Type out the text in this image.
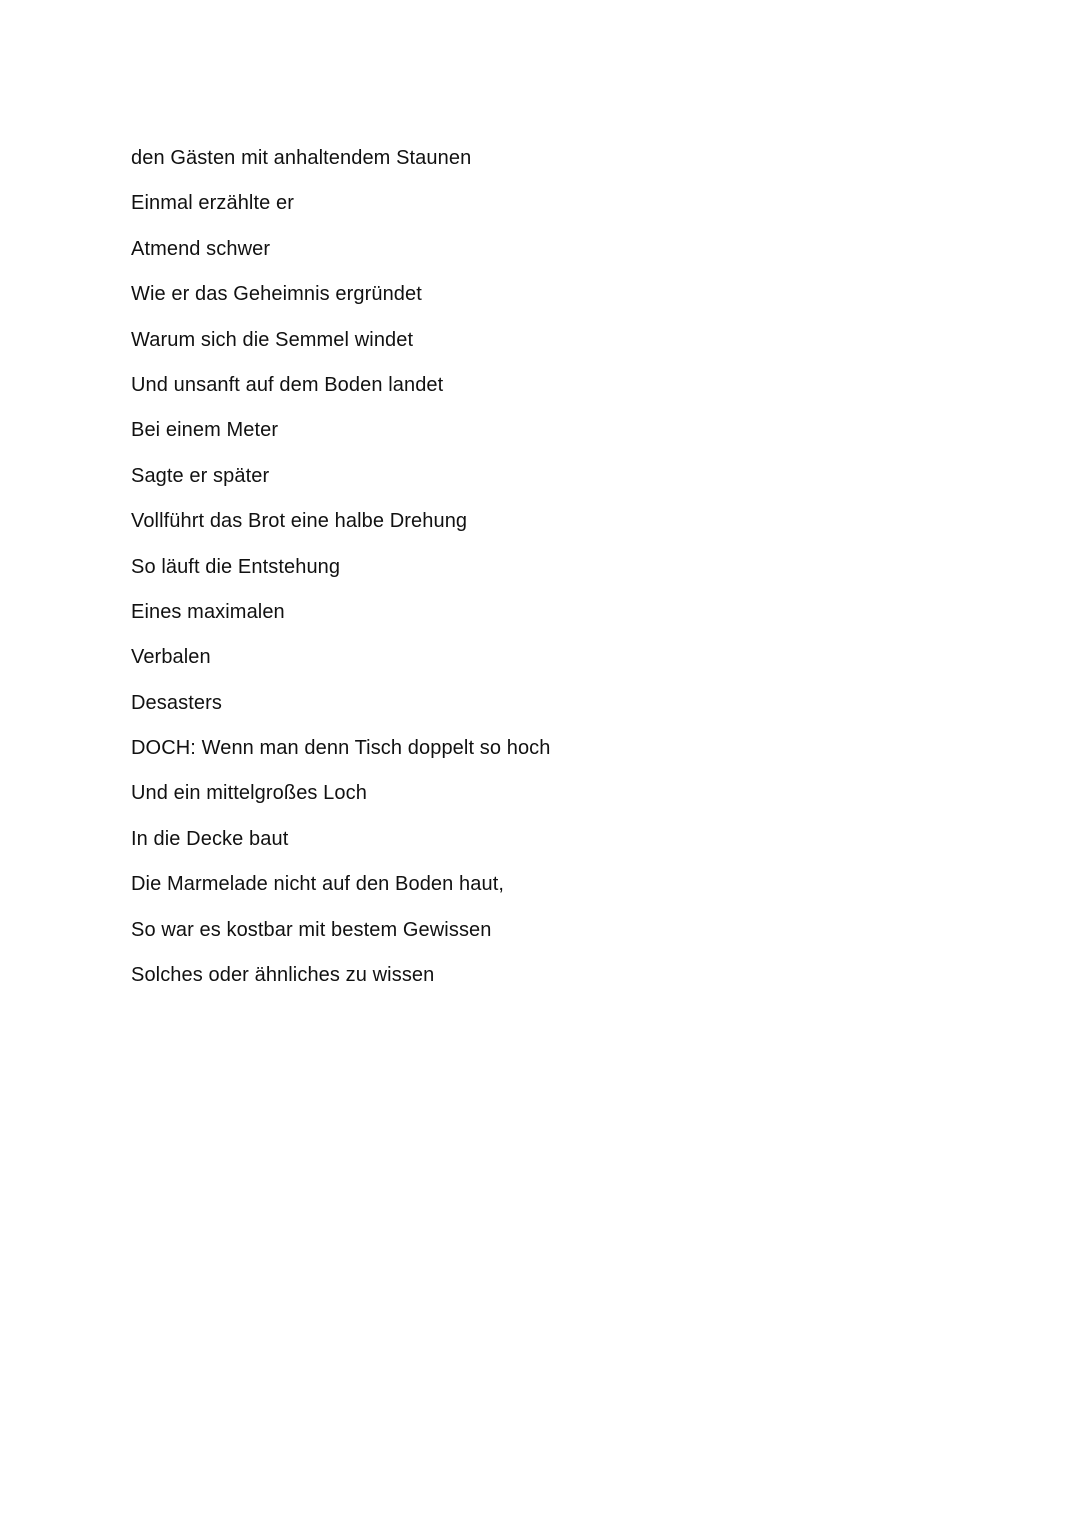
den Gästen mit anhaltendem Staunen
Einmal erzählte er
Atmend schwer
Wie er das Geheimnis ergründet
Warum sich die Semmel windet
Und unsanft auf dem Boden landet
Bei einem Meter
Sagte er später
Vollführt das Brot eine halbe Drehung
So läuft die Entstehung
Eines maximalen
Verbalen
Desasters
DOCH: Wenn man denn Tisch doppelt so hoch
Und ein mittelgroßes Loch
In die Decke baut
Die Marmelade nicht auf den Boden haut,
So war es kostbar mit bestem Gewissen
Solches oder ähnliches zu wissen
